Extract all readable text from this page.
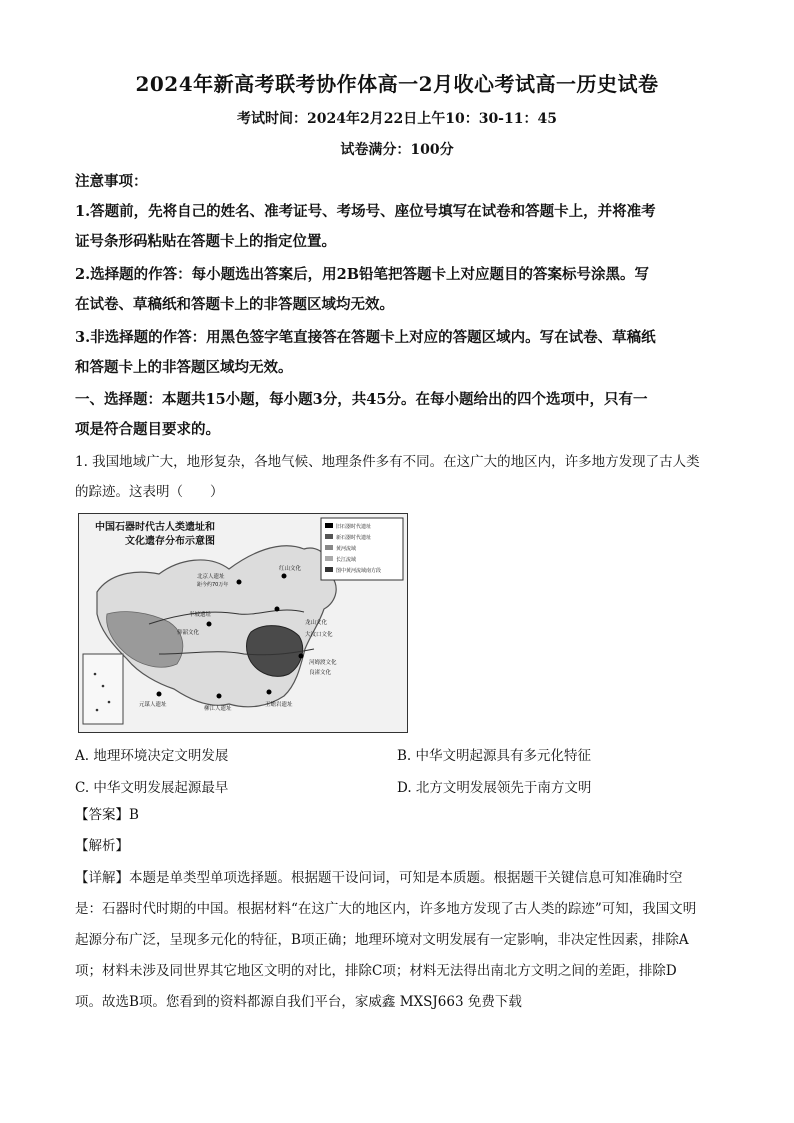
2024年新高考联考协作体高一2月收心考试高一历史试卷
考试时间：2024年2月22日上午10：30-11：45
试卷满分：100分
注意事项：
1.答题前，先将自己的姓名、准考证号、考场号、座位号填写在试卷和答题卡上，并将准考
证号条形码粘贴在答题卡上的指定位置。
2.选择题的作答：每小题选出答案后，用2B铅笔把答题卡上对应题目的答案标号涂黑。写
在试卷、草稿纸和答题卡上的非答题区域均无效。
3.非选择题的作答：用黑色签字笔直接答在答题卡上对应的答题区域内。写在试卷、草稿纸
和答题卡上的非答题区域均无效。
一、选择题：本题共15小题，每小题3分，共45分。在每小题给出的四个选项中，只有一
项是符合题目要求的。
1. 我国地域广大，地形复杂，各地气候、地理条件多有不同。在这广大的地区内，许多地方发现了古人类
的踪迹。这表明（　　）
中国石器时代古人类遗址和
文化遗存分布示意图
旧石器时代遗址
新石器时代遗址
黄河流域
长江流域
图中黄河流域南方段
北京人遗址
距今约70万年
红山文化
龙山文化
大汶口文化
半坡遗址
仰韶文化
河姆渡文化
良渚文化
元谋人遗址
柳江人遗址
玉蟾岩遗址
A. 地理环境决定文明发展	B. 中华文明起源具有多元化特征
C. 中华文明发展起源最早	D. 北方文明发展领先于南方文明
【答案】B
【解析】
【详解】本题是单类型单项选择题。根据题干设问词，可知是本质题。根据题干关键信息可知准确时空
是：石器时代时期的中国。根据材料“在这广大的地区内，许多地方发现了古人类的踪迹”可知，我国文明
起源分布广泛，呈现多元化的特征，B项正确；地理环境对文明发展有一定影响，非决定性因素，排除A
项；材料未涉及同世界其它地区文明的对比，排除C项；材料无法得出南北方文明之间的差距，排除D
项。故选B项。您看到的资料都源自我们平台，家威鑫 MXSJ663 免费下载
